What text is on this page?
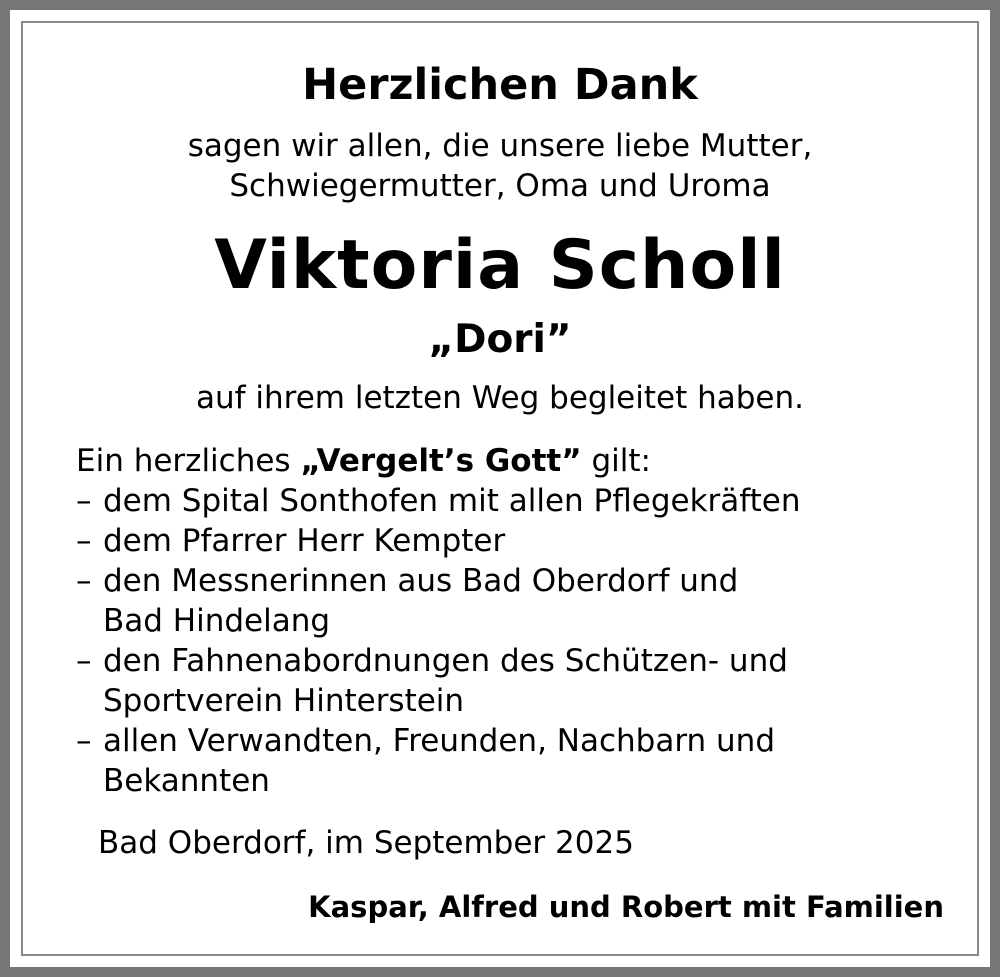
Herzlichen Dank
sagen wir allen, die unsere liebe Mutter,
Schwiegermutter, Oma und Uroma
Viktoria Scholl
„Dori”
auf ihrem letzten Weg begleitet haben.
Ein herzliches „Vergelt’s Gott” gilt:
– dem Spital Sonthofen mit allen Pflegekräften
– dem Pfarrer Herr Kempter
– den Messnerinnen aus Bad Oberdorf und Bad Hindelang
– den Fahnenabordnungen des Schützen- und Sportverein Hinterstein
– allen Verwandten, Freunden, Nachbarn und Bekannten
Bad Oberdorf, im September 2025
Kaspar, Alfred und Robert mit Familien
